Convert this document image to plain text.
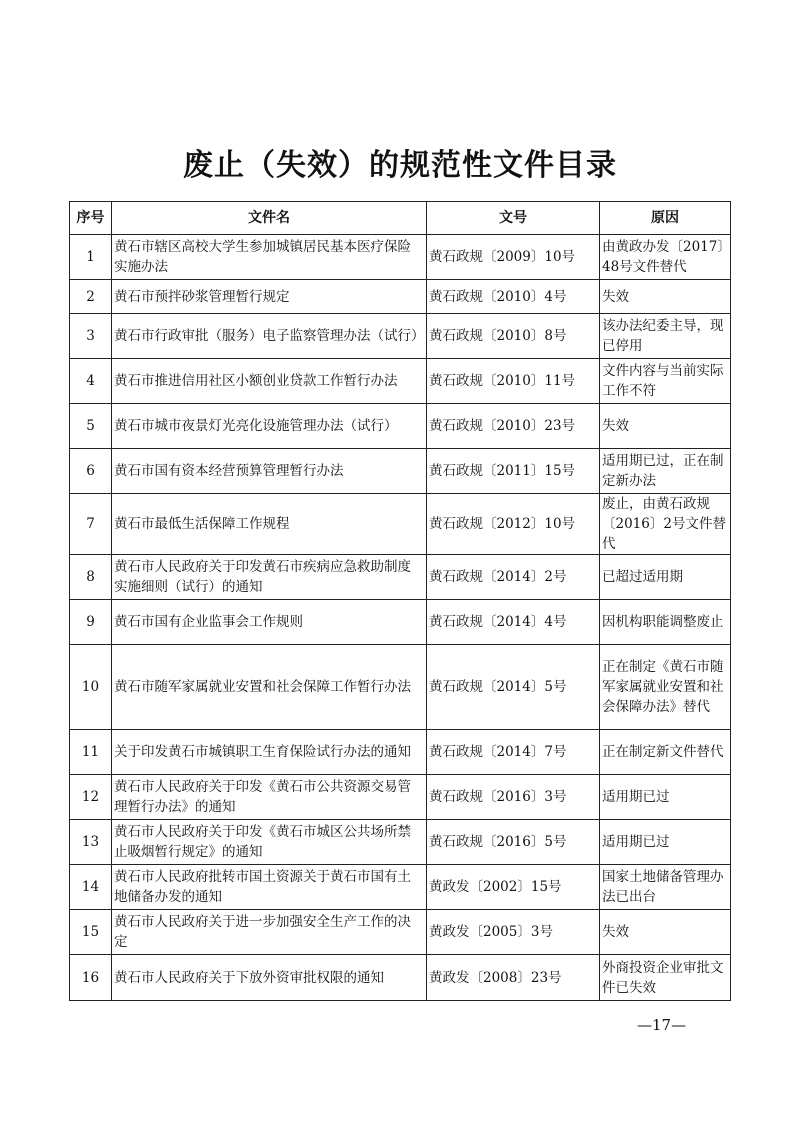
废止（失效）的规范性文件目录
序号	文件名	文号	原因
1	黄石市辖区高校大学生参加城镇居民基本医疗保险实施办法	黄石政规〔2009〕10号	由黄政办发〔2017〕48号文件替代
2	黄石市预拌砂浆管理暂行规定	黄石政规〔2010〕4号	失效
3	黄石市行政审批（服务）电子监察管理办法（试行）	黄石政规〔2010〕8号	该办法纪委主导，现已停用
4	黄石市推进信用社区小额创业贷款工作暂行办法	黄石政规〔2010〕11号	文件内容与当前实际工作不符
5	黄石市城市夜景灯光亮化设施管理办法（试行）	黄石政规〔2010〕23号	失效
6	黄石市国有资本经营预算管理暂行办法	黄石政规〔2011〕15号	适用期已过，正在制定新办法
7	黄石市最低生活保障工作规程	黄石政规〔2012〕10号	废止，由黄石政规〔2016〕2号文件替代
8	黄石市人民政府关于印发黄石市疾病应急救助制度实施细则（试行）的通知	黄石政规〔2014〕2号	已超过适用期
9	黄石市国有企业监事会工作规则	黄石政规〔2014〕4号	因机构职能调整废止
10	黄石市随军家属就业安置和社会保障工作暂行办法	黄石政规〔2014〕5号	正在制定《黄石市随军家属就业安置和社会保障办法》替代
11	关于印发黄石市城镇职工生育保险试行办法的通知	黄石政规〔2014〕7号	正在制定新文件替代
12	黄石市人民政府关于印发《黄石市公共资源交易管理暂行办法》的通知	黄石政规〔2016〕3号	适用期已过
13	黄石市人民政府关于印发《黄石市城区公共场所禁止吸烟暂行规定》的通知	黄石政规〔2016〕5号	适用期已过
14	黄石市人民政府批转市国土资源关于黄石市国有土地储备办发的通知	黄政发〔2002〕15号	国家土地储备管理办法已出台
15	黄石市人民政府关于进一步加强安全生产工作的决定	黄政发〔2005〕3号	失效
16	黄石市人民政府关于下放外资审批权限的通知	黄政发〔2008〕23号	外商投资企业审批文件已失效
—17—
